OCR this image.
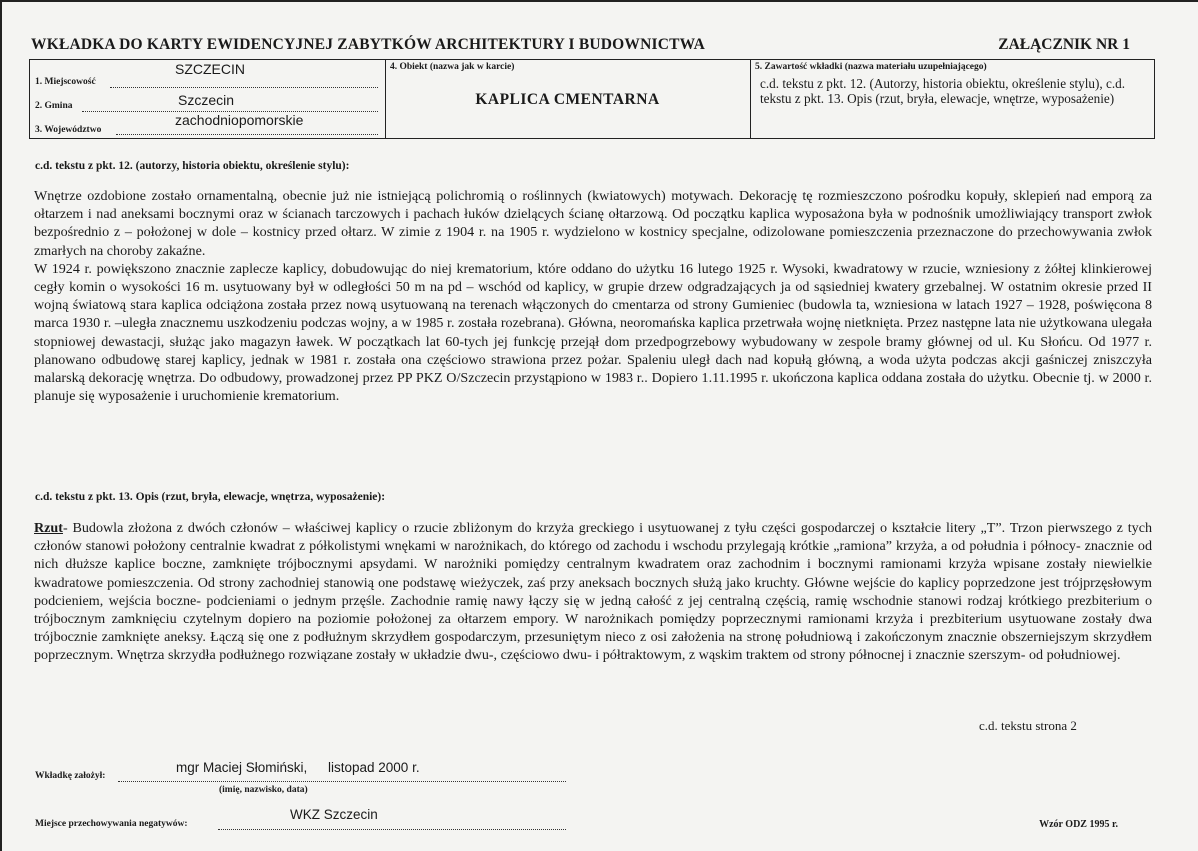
WKŁADKA DO KARTY EWIDENCYJNEJ ZABYTKÓW ARCHITEKTURY I BUDOWNICTWA	ZAŁĄCZNIK NR 1
1. Miejscowość
SZCZECIN
2. Gmina	Szczecin
3. Województwo
zachodniopomorskie
4. Obiekt (nazwa jak w karcie)
KAPLICA CMENTARNA
5. Zawartość wkładki (nazwa materiału uzupełniającego)
c.d. tekstu z pkt. 12. (Autorzy, historia obiektu, określenie stylu), c.d. tekstu z pkt. 13. Opis (rzut, bryła, elewacje, wnętrze, wyposażenie)
c.d. tekstu z pkt. 12. (autorzy, historia obiektu, określenie stylu):

Wnętrze ozdobione zostało ornamentalną, obecnie już nie istniejącą polichromią o roślinnych (kwiatowych) motywach. Dekorację tę rozmieszczono pośrodku kopuły, sklepień nad emporą za ołtarzem i nad aneksami bocznymi oraz w ścianach tarczowych i pachach łuków dzielących ścianę ołtarzową. Od początku kaplica wyposażona była w podnośnik umożliwiający transport zwłok bezpośrednio z – położonej w dole – kostnicy przed ołtarz. W zimie z 1904 r. na 1905 r. wydzielono w kostnicy specjalne, odizolowane pomieszczenia przeznaczone do przechowywania zwłok zmarłych na choroby zakaźne.

W 1924 r. powiększono znacznie zaplecze kaplicy, dobudowując do niej krematorium, które oddano do użytku 16 lutego 1925 r. Wysoki, kwadratowy w rzucie, wzniesiony z żółtej klinkierowej cegły komin o wysokości 16 m. usytuowany był w odległości 50 m na pd – wschód od kaplicy, w grupie drzew odgradzających ja od sąsiedniej kwatery grzebalnej. W ostatnim okresie przed II wojną światową stara kaplica odciążona została przez nową usytuowaną na terenach włączonych do cmentarza od strony Gumieniec (budowla ta, wzniesiona w latach 1927 – 1928, poświęcona 8 marca 1930 r. –uległa znacznemu uszkodzeniu podczas wojny, a w 1985 r. została rozebrana). Główna, neoromańska kaplica przetrwała wojnę nietknięta. Przez następne lata nie użytkowana ulegała stopniowej dewastacji, służąc jako magazyn ławek. W początkach lat 60-tych jej funkcję przejął dom przedpogrzebowy wybudowany w zespole bramy głównej od ul. Ku Słońcu. Od 1977 r. planowano odbudowę starej kaplicy, jednak w 1981 r. została ona częściowo strawiona przez pożar. Spaleniu uległ dach nad kopułą główną, a woda użyta podczas akcji gaśniczej zniszczyła malarską dekorację wnętrza. Do odbudowy, prowadzonej przez PP PKZ O/Szczecin przystąpiono w 1983 r.. Dopiero 1.11.1995 r. ukończona kaplica oddana została do użytku. Obecnie tj. w 2000 r. planuje się wyposażenie i uruchomienie krematorium.

c.d. tekstu z pkt. 13. Opis (rzut, bryła, elewacje, wnętrza, wyposażenie):

Rzut- Budowla złożona z dwóch członów – właściwej kaplicy o rzucie zbliżonym do krzyża greckiego i usytuowanej z tyłu części gospodarczej o kształcie litery „T”. Trzon pierwszego z tych członów stanowi położony centralnie kwadrat z półkolistymi wnękami w narożnikach, do którego od zachodu i wschodu przylegają krótkie „ramiona” krzyża, a od południa i północy- znacznie od nich dłuższe kaplice boczne, zamknięte trójbocznymi apsydami. W narożniki pomiędzy centralnym kwadratem oraz zachodnim i bocznymi ramionami krzyża wpisane zostały niewielkie kwadratowe pomieszczenia. Od strony zachodniej stanowią one podstawę wieżyczek, zaś przy aneksach bocznych służą jako kruchty. Główne wejście do kaplicy poprzedzone jest trójprzęsłowym podcieniem, wejścia boczne- podcieniami o jednym przęśle. Zachodnie ramię nawy łączy się w jedną całość z jej centralną częścią, ramię wschodnie stanowi rodzaj krótkiego prezbiterium o trójbocznym zamknięciu czytelnym dopiero na poziomie położonej za ołtarzem empory. W narożnikach pomiędzy poprzecznymi ramionami krzyża i prezbiterium usytuowane zostały dwa trójbocznie zamknięte aneksy. Łączą się one z podłużnym skrzydłem gospodarczym, przesuniętym nieco z osi założenia na stronę południową i zakończonym znacznie obszerniejszym skrzydłem poprzecznym. Wnętrza skrzydła podłużnego rozwiązane zostały w układzie dwu-, częściowo dwu- i półtraktowym, z wąskim traktem od strony północnej i znacznie szerszym- od południowej.

c.d. tekstu strona 2
Wkładkę założył:
mgr Maciej Słomiński, listopad 2000 r.
(imię, nazwisko, data)
Miejsce przechowywania negatywów:
WKZ Szczecin
Wzór ODZ 1995 r.
